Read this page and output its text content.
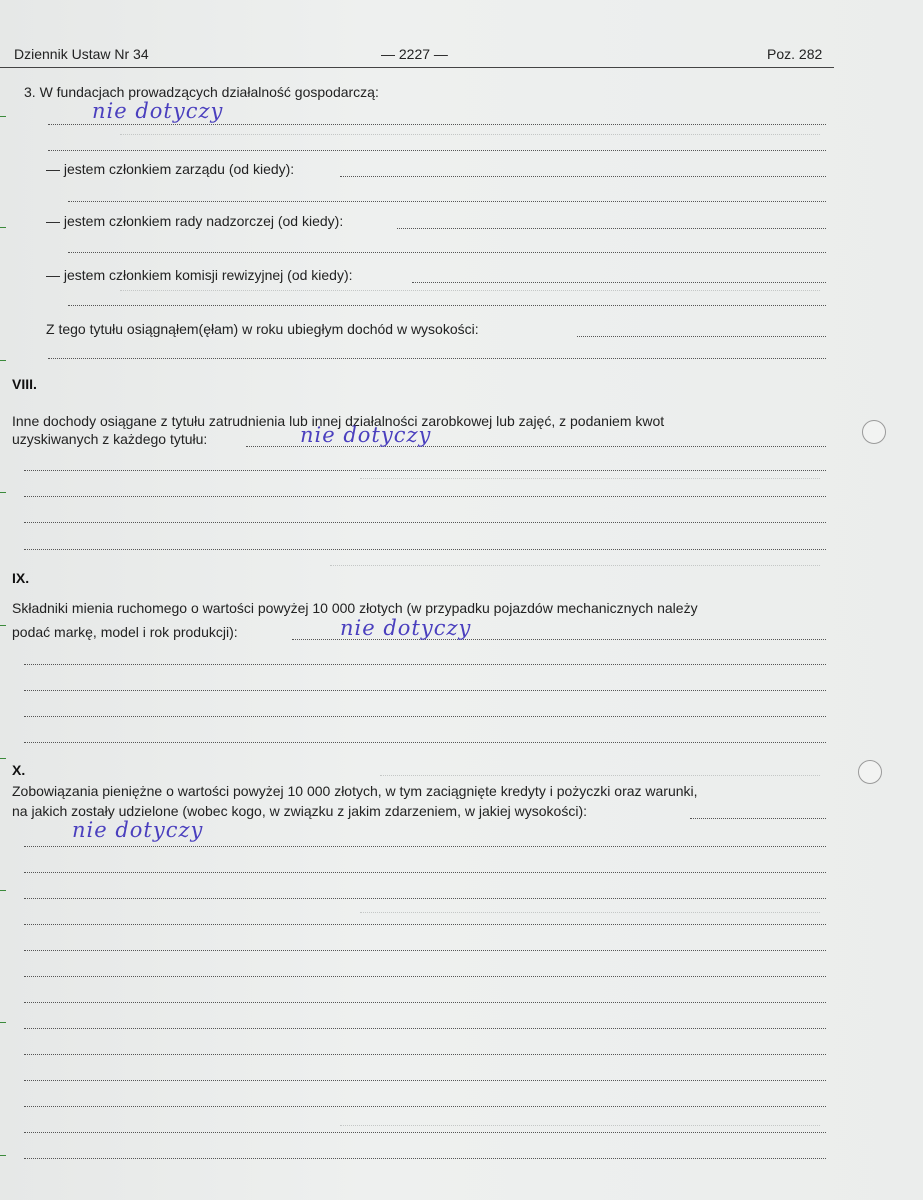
Dziennik Ustaw Nr 34	— 2227 —	Poz. 282
3. W fundacjach prowadzących działalność gospodarczą:
nie dotyczy
— jestem członkiem zarządu (od kiedy):
— jestem członkiem rady nadzorczej (od kiedy):
— jestem członkiem komisji rewizyjnej (od kiedy):
Z tego tytułu osiągnąłem(ęłam) w roku ubiegłym dochód w wysokości:
VIII.
Inne dochody osiągane z tytułu zatrudnienia lub innej działalności zarobkowej lub zajęć, z podaniem kwot
uzyskiwanych z każdego tytułu:	nie dotyczy
IX.
Składniki mienia ruchomego o wartości powyżej 10 000 złotych (w przypadku pojazdów mechanicznych należy
podać markę, model i rok produkcji):	nie dotyczy
X.
Zobowiązania pieniężne o wartości powyżej 10 000 złotych, w tym zaciągnięte kredyty i pożyczki oraz warunki,
na jakich zostały udzielone (wobec kogo, w związku z jakim zdarzeniem, w jakiej wysokości):
nie dotyczy
